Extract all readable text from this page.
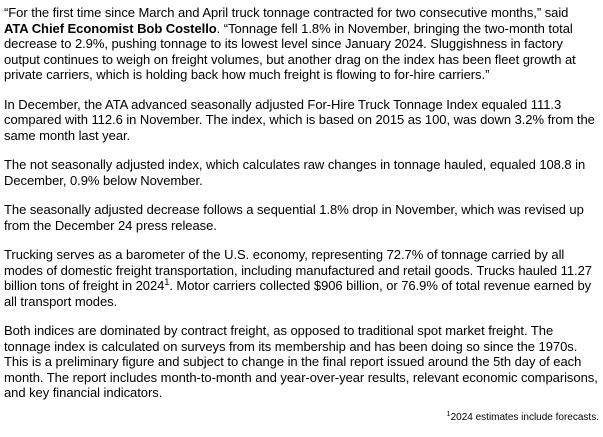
“For the first time since March and April truck tonnage contracted for two consecutive months,” said
ATA Chief Economist Bob Costello. “Tonnage fell 1.8% in November, bringing the two-month total decrease to 2.9%, pushing tonnage to its lowest level since January 2024. Sluggishness in factory output continues to weigh on freight volumes, but another drag on the index has been fleet growth at private carriers, which is holding back how much freight is flowing to for-hire carriers.”

In December, the ATA advanced seasonally adjusted For-Hire Truck Tonnage Index equaled 111.3 compared with 112.6 in November. The index, which is based on 2015 as 100, was down 3.2% from the same month last year.

The not seasonally adjusted index, which calculates raw changes in tonnage hauled, equaled 108.8 in December, 0.9% below November.

The seasonally adjusted decrease follows a sequential 1.8% drop in November, which was revised up from the December 24 press release.

Trucking serves as a barometer of the U.S. economy, representing 72.7% of tonnage carried by all modes of domestic freight transportation, including manufactured and retail goods. Trucks hauled 11.27 billion tons of freight in 2024$^1$. Motor carriers collected $906 billion, or 76.9% of total revenue earned by all transport modes.

Both indices are dominated by contract freight, as opposed to traditional spot market freight. The tonnage index is calculated on surveys from its membership and has been doing so since the 1970s. This is a preliminary figure and subject to change in the final report issued around the 5th day of each month. The report includes month-to-month and year-over-year results, relevant economic comparisons, and key financial indicators.

$^1$2024 estimates include forecasts.
